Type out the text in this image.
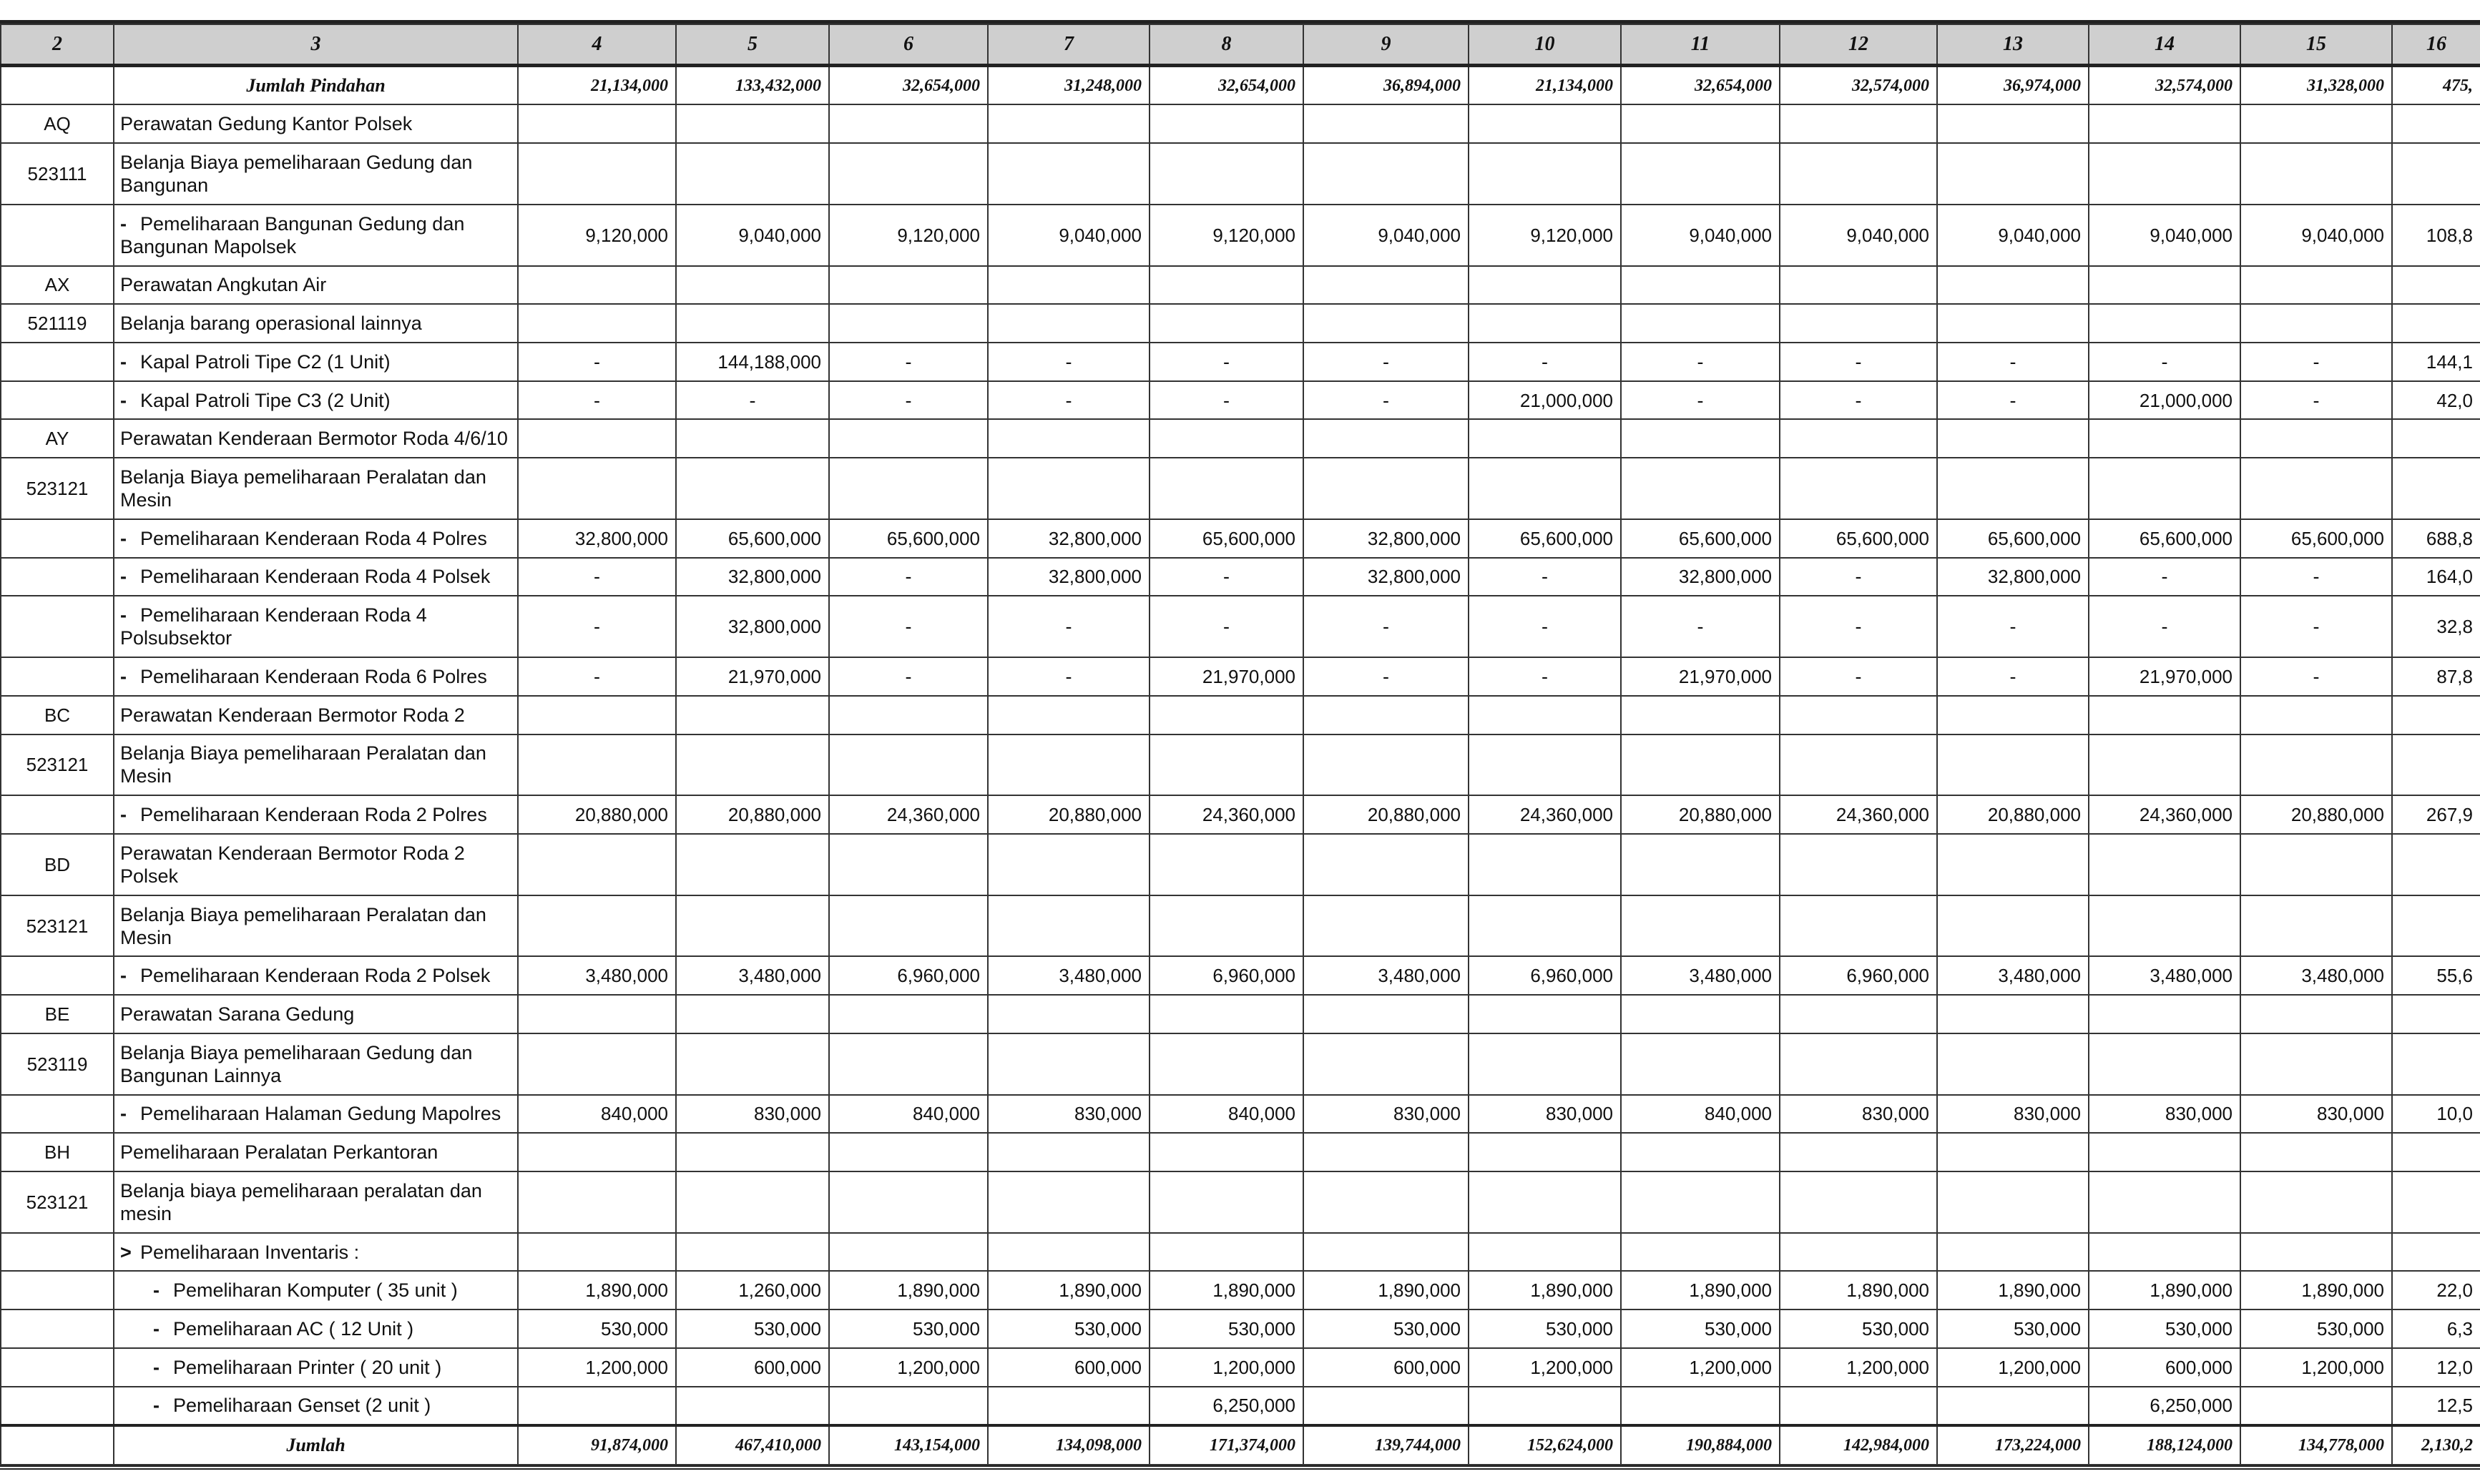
2	3	4	5	6	7	8	9	10	11	12	13	14	15	16
	Jumlah Pindahan	21,134,000	133,432,000	32,654,000	31,248,000	32,654,000	36,894,000	21,134,000	32,654,000	32,574,000	36,974,000	32,574,000	31,328,000	475,
AQ	Perawatan Gedung Kantor Polsek													
523111	Belanja Biaya pemeliharaan Gedung dan Bangunan													
	- Pemeliharaan Bangunan Gedung dan Bangunan Mapolsek	9,120,000	9,040,000	9,120,000	9,040,000	9,120,000	9,040,000	9,120,000	9,040,000	9,040,000	9,040,000	9,040,000	9,040,000	108,8
AX	Perawatan Angkutan Air													
521119	Belanja barang operasional lainnya													
	- Kapal Patroli Tipe C2 (1 Unit)	-	144,188,000	-	-	-	-	-	-	-	-	-	-	144,1
	- Kapal Patroli Tipe C3 (2 Unit)	-	-	-	-	-	-	21,000,000	-	-	-	21,000,000	-	42,0
AY	Perawatan Kenderaan Bermotor Roda 4/6/10													
523121	Belanja Biaya pemeliharaan Peralatan dan Mesin													
	- Pemeliharaan Kenderaan Roda 4 Polres	32,800,000	65,600,000	65,600,000	32,800,000	65,600,000	32,800,000	65,600,000	65,600,000	65,600,000	65,600,000	65,600,000	65,600,000	688,8
	- Pemeliharaan Kenderaan Roda 4 Polsek	-	32,800,000	-	32,800,000	-	32,800,000	-	32,800,000	-	32,800,000	-	-	164,0
	- Pemeliharaan Kenderaan Roda 4 Polsubsektor	-	32,800,000	-	-	-	-	-	-	-	-	-	-	32,8
	- Pemeliharaan Kenderaan Roda 6 Polres	-	21,970,000	-	-	21,970,000	-	-	21,970,000	-	-	21,970,000	-	87,8
BC	Perawatan Kenderaan Bermotor Roda 2													
523121	Belanja Biaya pemeliharaan Peralatan dan Mesin													
	- Pemeliharaan Kenderaan Roda 2 Polres	20,880,000	20,880,000	24,360,000	20,880,000	24,360,000	20,880,000	24,360,000	20,880,000	24,360,000	20,880,000	24,360,000	20,880,000	267,9
BD	Perawatan Kenderaan Bermotor Roda 2 Polsek													
523121	Belanja Biaya pemeliharaan Peralatan dan Mesin													
	- Pemeliharaan Kenderaan Roda 2 Polsek	3,480,000	3,480,000	6,960,000	3,480,000	6,960,000	3,480,000	6,960,000	3,480,000	6,960,000	3,480,000	3,480,000	3,480,000	55,6
BE	Perawatan Sarana Gedung													
523119	Belanja Biaya pemeliharaan Gedung dan Bangunan Lainnya													
	- Pemeliharaan Halaman Gedung Mapolres	840,000	830,000	840,000	830,000	840,000	830,000	830,000	840,000	830,000	830,000	830,000	830,000	10,0
BH	Pemeliharaan Peralatan Perkantoran													
523121	Belanja biaya pemeliharaan peralatan dan mesin													
	> Pemeliharaan Inventaris :													
	- Pemeliharan Komputer ( 35 unit )	1,890,000	1,260,000	1,890,000	1,890,000	1,890,000	1,890,000	1,890,000	1,890,000	1,890,000	1,890,000	1,890,000	1,890,000	22,0
	- Pemeliharaan AC ( 12 Unit )	530,000	530,000	530,000	530,000	530,000	530,000	530,000	530,000	530,000	530,000	530,000	530,000	6,3
	- Pemeliharaan Printer ( 20 unit )	1,200,000	600,000	1,200,000	600,000	1,200,000	600,000	1,200,000	1,200,000	1,200,000	1,200,000	600,000	1,200,000	12,0
	- Pemeliharaan Genset (2 unit )					6,250,000						6,250,000		12,5
	Jumlah	91,874,000	467,410,000	143,154,000	134,098,000	171,374,000	139,744,000	152,624,000	190,884,000	142,984,000	173,224,000	188,124,000	134,778,000	2,130,2
